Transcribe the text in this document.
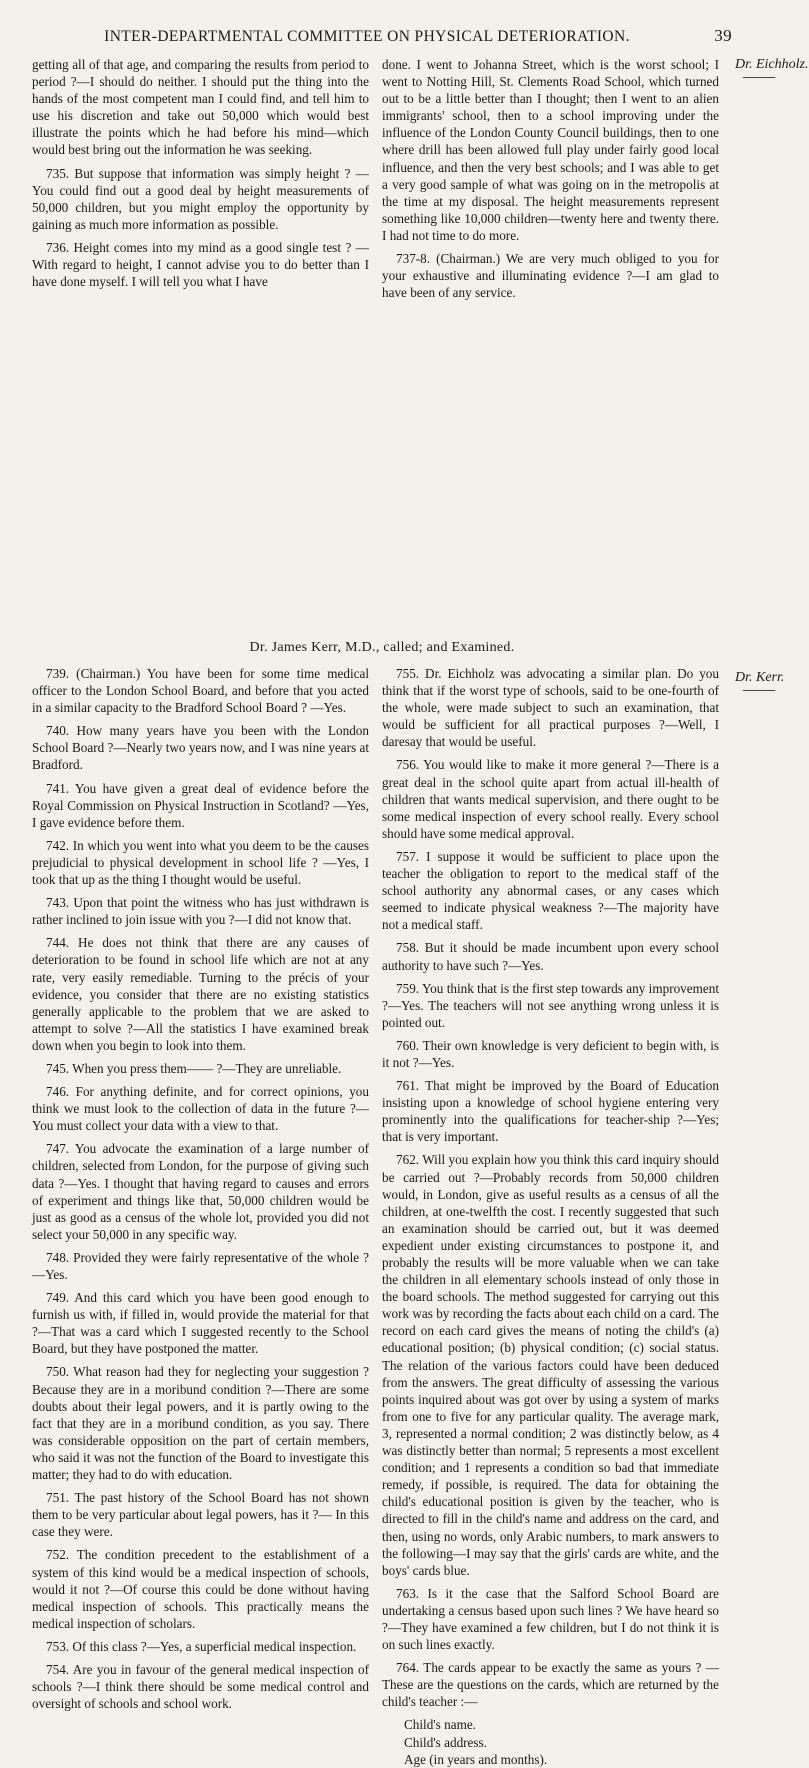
INTER-DEPARTMENTAL COMMITTEE ON PHYSICAL DETERIORATION.	39
Dr. Eichholz.

getting all of that age, and comparing the results from period to period ?—I should do neither. I should put the thing into the hands of the most competent man I could find, and tell him to use his discretion and take out 50,000 which would best illustrate the points which he had before his mind—which would best bring out the information he was seeking.

735. But suppose that information was simply height ? —You could find out a good deal by height measurements of 50,000 children, but you might employ the opportunity by gaining as much more information as possible.

736. Height comes into my mind as a good single test ? —With regard to height, I cannot advise you to do better than I have done myself. I will tell you what I have

done. I went to Johanna Street, which is the worst school; I went to Notting Hill, St. Clements Road School, which turned out to be a little better than I thought; then I went to an alien immigrants' school, then to a school improving under the influence of the London County Council buildings, then to one where drill has been allowed full play under fairly good local influence, and then the very best schools; and I was able to get a very good sample of what was going on in the metropolis at the time at my disposal. The height measurements represent something like 10,000 children—twenty here and twenty there. I had not time to do more.

737-8. (Chairman.) We are very much obliged to you for your exhaustive and illuminating evidence ?—I am glad to have been of any service.

Dr. James Kerr, M.D., called; and Examined.
Dr. Kerr.

739. (Chairman.) You have been for some time medical officer to the London School Board, and before that you acted in a similar capacity to the Bradford School Board ? —Yes.

740. How many years have you been with the London School Board ?—Nearly two years now, and I was nine years at Bradford.

741. You have given a great deal of evidence before the Royal Commission on Physical Instruction in Scotland? —Yes, I gave evidence before them.

742. In which you went into what you deem to be the causes prejudicial to physical development in school life ? —Yes, I took that up as the thing I thought would be useful.

743. Upon that point the witness who has just withdrawn is rather inclined to join issue with you ?—I did not know that.

744. He does not think that there are any causes of deterioration to be found in school life which are not at any rate, very easily remediable. Turning to the précis of your evidence, you consider that there are no existing statistics generally applicable to the problem that we are asked to attempt to solve ?—All the statistics I have examined break down when you begin to look into them.

745. When you press them—— ?—They are unreliable.

746. For anything definite, and for correct opinions, you think we must look to the collection of data in the future ?—You must collect your data with a view to that.

747. You advocate the examination of a large number of children, selected from London, for the purpose of giving such data ?—Yes. I thought that having regard to causes and errors of experiment and things like that, 50,000 children would be just as good as a census of the whole lot, provided you did not select your 50,000 in any specific way.

748. Provided they were fairly representative of the whole ?—Yes.

749. And this card which you have been good enough to furnish us with, if filled in, would provide the material for that ?—That was a card which I suggested recently to the School Board, but they have postponed the matter.

750. What reason had they for neglecting your suggestion ? Because they are in a moribund condition ?—There are some doubts about their legal powers, and it is partly owing to the fact that they are in a moribund condition, as you say. There was considerable opposition on the part of certain members, who said it was not the function of the Board to investigate this matter; they had to do with education.

751. The past history of the School Board has not shown them to be very particular about legal powers, has it ?— In this case they were.

752. The condition precedent to the establishment of a system of this kind would be a medical inspection of schools, would it not ?—Of course this could be done without having medical inspection of schools. This practically means the medical inspection of scholars.

753. Of this class ?—Yes, a superficial medical inspection.

754. Are you in favour of the general medical inspection of schools ?—I think there should be some medical control and oversight of schools and school work.

755. Dr. Eichholz was advocating a similar plan. Do you think that if the worst type of schools, said to be one-fourth of the whole, were made subject to such an examination, that would be sufficient for all practical purposes ?—Well, I daresay that would be useful.

756. You would like to make it more general ?—There is a great deal in the school quite apart from actual ill-health of children that wants medical supervision, and there ought to be some medical inspection of every school really. Every school should have some medical approval.

757. I suppose it would be sufficient to place upon the teacher the obligation to report to the medical staff of the school authority any abnormal cases, or any cases which seemed to indicate physical weakness ?—The majority have not a medical staff.

758. But it should be made incumbent upon every school authority to have such ?—Yes.

759. You think that is the first step towards any improvement ?—Yes. The teachers will not see anything wrong unless it is pointed out.

760. Their own knowledge is very deficient to begin with, is it not ?—Yes.

761. That might be improved by the Board of Education insisting upon a knowledge of school hygiene entering very prominently into the qualifications for teacher-ship ?—Yes; that is very important.

762. Will you explain how you think this card inquiry should be carried out ?—Probably records from 50,000 children would, in London, give as useful results as a census of all the children, at one-twelfth the cost. I recently suggested that such an examination should be carried out, but it was deemed expedient under existing circumstances to postpone it, and probably the results will be more valuable when we can take the children in all elementary schools instead of only those in the board schools. The method suggested for carrying out this work was by recording the facts about each child on a card. The record on each card gives the means of noting the child's (a) educational position; (b) physical condition; (c) social status. The relation of the various factors could have been deduced from the answers. The great difficulty of assessing the various points inquired about was got over by using a system of marks from one to five for any particular quality. The average mark, 3, represented a normal condition; 2 was distinctly below, as 4 was distinctly better than normal; 5 represents a most excellent condition; and 1 represents a condition so bad that immediate remedy, if possible, is required. The data for obtaining the child's educational position is given by the teacher, who is directed to fill in the child's name and address on the card, and then, using no words, only Arabic numbers, to mark answers to the following—I may say that the girls' cards are white, and the boys' cards blue.

763. Is it the case that the Salford School Board are undertaking a census based upon such lines ? We have heard so ?—They have examined a few children, but I do not think it is on such lines exactly.

764. The cards appear to be exactly the same as yours ? —These are the questions on the cards, which are returned by the child's teacher :—

Child's name.

Child's address.

Age (in years and months).
